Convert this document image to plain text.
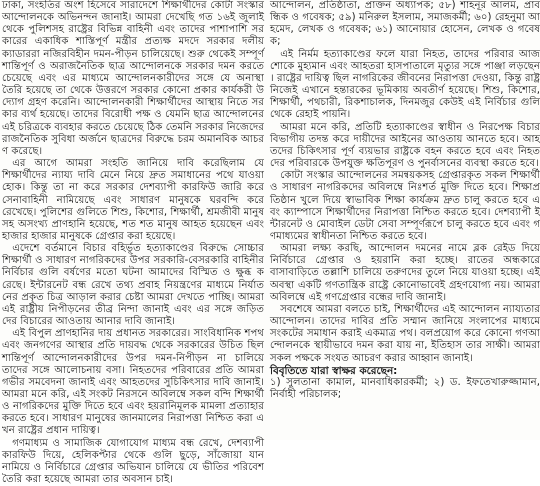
ঢাকা, সংহতির অংশ হিসেবে সারাদেশে শিক্ষার্থীদের কোটা সংস্কার আন্দোলনকে অভিনন্দন জানাই। আমরা দেখেছি গত ১৬ই জুলাই থেকে পুলিশসহ রাষ্ট্রের বিভিন্ন বাহিনী এবং তাদের পাশাপাশি সরকারের একাধিক শাস্তিপূর্ণ মন্ত্রীর প্রত্যক্ষ মদদে সরকার দলীয় ক্যাডাররা নজিরবিহীন দমন-পীড়ন চালিয়েছে। শুরু থেকেই সম্পূর্ণ শান্তিপূর্ণ ও অরাজনৈতিক ছাত্র আন্দোলনকে সরকার দমন করতে চেয়েছে এবং এর মাধ্যমে আন্দোলনকারীদের সঙ্গে যে অনাস্থা তৈরি হয়েছে তা থেকে উত্তরণে সরকার কোনো প্রকার কার্যকরী উদ্যোগ গ্রহণ করেনি। আন্দোলনকারী শিক্ষার্থীদের আস্থায় নিতে সরকার ব্যর্থ হয়েছে। তাদের বিরোধী পক্ষ ও যেমনি ছাত্র আন্দোলনের এই চরিত্রকে ব্যবহার করতে চেয়েছে ঠিক তেমনি সরকার নিজেদের রাজনৈতিক সুবিধা অর্জনে ছাত্রদের বিরুদ্ধে চরম অমানবিক আচরণ করেছে।

এর আগে আমরা সংহতি জানিয়ে দাবি করেছিলাম যে শিক্ষার্থীদের ন্যায্য দাবি মেনে নিয়ে দ্রুত সমাধানের পথে যাওয়া হোক। কিন্তু তা না করে সরকার দেশব্যাপী কারফিউ জারি করে সেনাবাহিনী নামিয়েছে এবং সাধারণ মানুষকে ঘরবন্দি করে রেখেছে। পুলিশের গুলিতে শিশু, কিশোর, শিক্ষার্থী, শ্রমজীবী মানুষসহ অসংখ্য প্রাণহানি হয়েছে, শত শত মানুষ আহত হয়েছেন এবং হাজার হাজার মানুষকে গ্রেপ্তার করা হয়েছে।

এদেশে বর্তমানে বিচার বহির্ভূত হত্যাকাণ্ডের বিরুদ্ধে সোচ্চার শিক্ষার্থী ও সাধারণ নাগরিকদের উপর সরকারি-বেসরকারি বাহিনীর নির্বিচার গুলি বর্ষণের মতো ঘটনা আমাদের বিস্মিত ও ক্ষুব্ধ করেছে। ইন্টারনেট বন্ধ রেখে তথ্য প্রবাহ নিয়ন্ত্রণের মাধ্যমে নির্যাতনের প্রকৃত চিত্র আড়াল করার চেষ্টা আমরা দেখতে পাচ্ছি। আমরা এই রাষ্ট্রীয় নিপীড়নের তীব্র নিন্দা জানাই এবং এর সঙ্গে জড়িতদের বিচারের আওতায় আনার দাবি জানাই।

এই বিপুল প্রাণহানির দায় প্রধানত সরকারের। সাংবিধানিক শপথ এবং জনগণের আস্থার প্রতি দায়বদ্ধ থেকে সরকারের উচিত ছিল শান্তিপূর্ণ আন্দোলনকারীদের উপর দমন-নিপীড়ন না চালিয়ে তাদের সঙ্গে আলোচনায় বসা। নিহতদের পরিবারের প্রতি আমরা গভীর সমবেদনা জানাই এবং আহতদের সুচিকিৎসার দাবি জানাই। আমরা মনে করি, এই সংকট নিরসনে অবিলম্বে সকল বন্দি শিক্ষার্থী ও নাগরিকদের মুক্তি দিতে হবে এবং হয়রানিমূলক মামলা প্রত্যাহার করতে হবে। সাধারণ মানুষের জানমালের নিরাপত্তা নিশ্চিত করা এখন রাষ্ট্রের প্রধান দায়িত্ব।

গণমাধ্যম ও সামাজিক যোগাযোগ মাধ্যম বন্ধ রেখে, দেশব্যাপী কারফিউ দিয়ে, হেলিকপ্টার থেকে গুলি ছুড়ে, সাঁজোয়া যান নামিয়ে ও নির্বিচারে গ্রেপ্তার অভিযান চালিয়ে যে ভীতির পরিবেশ তৈরি করা হয়েছে আমরা তার অবসান চাই।

আন্দোলন, প্রতিষ্ঠাতা, প্রাক্তন অধ্যাপক; ৫৮) শাহনূর আলম, প্রাবন্ধিক ও গবেষক; ৫৯) মনিরুল ইসলাম, সমাজকর্মী; ৬০) রেহনুমা আহমেদ, লেখক ও গবেষক; ৬১) আনোয়ার হোসেন, লেখক ও গবেষক;

এই নির্মম হত্যাকাণ্ডের ফলে যারা নিহত, তাদের পরিবার আজ শোকে মুহ্যমান এবং আহতরা হাসপাতালে মৃত্যুর সঙ্গে পাঞ্জা লড়ছেন। রাষ্ট্রের দায়িত্ব ছিল নাগরিকের জীবনের নিরাপত্তা দেওয়া, কিন্তু রাষ্ট্র নিজেই এখানে হন্তারকের ভূমিকায় অবতীর্ণ হয়েছে। শিশু, কিশোর, শিক্ষার্থী, পথচারী, রিকশাচালক, দিনমজুর কেউই এই নির্বিচার গুলি থেকে রেহাই পায়নি।

আমরা মনে করি, প্রতিটি হত্যাকাণ্ডের স্বাধীন ও নিরপেক্ষ বিচার বিভাগীয় তদন্ত করে দায়ীদের আইনের আওতায় আনতে হবে। আহতদের চিকিৎসার পূর্ণ ব্যয়ভার রাষ্ট্রকে বহন করতে হবে এবং নিহতদের পরিবারকে উপযুক্ত ক্ষতিপূরণ ও পুনর্বাসনের ব্যবস্থা করতে হবে।

কোটা সংস্কার আন্দোলনের সমন্বয়কসহ গ্রেপ্তারকৃত সকল শিক্ষার্থী ও সাধারণ নাগরিকদের অবিলম্বে নিঃশর্ত মুক্তি দিতে হবে। শিক্ষাপ্রতিষ্ঠান খুলে দিয়ে স্বাভাবিক শিক্ষা কার্যক্রম দ্রুত চালু করতে হবে এবং ক্যাম্পাসে শিক্ষার্থীদের নিরাপত্তা নিশ্চিত করতে হবে। দেশব্যাপী ইন্টারনেট ও মোবাইল ডেটা সেবা সম্পূর্ণরূপে চালু করতে হবে এবং গণমাধ্যমের স্বাধীনতা নিশ্চিত করতে হবে।

আমরা লক্ষ্য করছি, আন্দোলন দমনের নামে ব্লক রেইড দিয়ে নির্বিচারে গ্রেপ্তার ও হয়রানি করা হচ্ছে। রাতের অন্ধকারে বাসাবাড়িতে তল্লাশি চালিয়ে তরুণদের তুলে নিয়ে যাওয়া হচ্ছে। এই অবস্থা একটি গণতান্ত্রিক রাষ্ট্রে কোনোভাবেই গ্রহণযোগ্য নয়। আমরা অবিলম্বে এই গণগ্রেপ্তার বন্ধের দাবি জানাই।

সবশেষে আমরা বলতে চাই, শিক্ষার্থীদের এই আন্দোলন ন্যায্যতার আন্দোলন। তাদের দাবির প্রতি সম্মান জানিয়ে সংলাপের মাধ্যমে সংকটের সমাধান করাই একমাত্র পথ। বলপ্রয়োগ করে কোনো গণআন্দোলনকে স্থায়ীভাবে দমন করা যায় না, ইতিহাস তার সাক্ষী। আমরা সকল পক্ষকে সংযত আচরণ করার আহ্বান জানাই।

বিবৃতিতে যারা স্বাক্ষর করেছেন:

১) সুলতানা কামাল, মানবাধিকারকর্মী; ২) ড. ইফতেখারুজ্জামান, নির্বাহী পরিচালক;
